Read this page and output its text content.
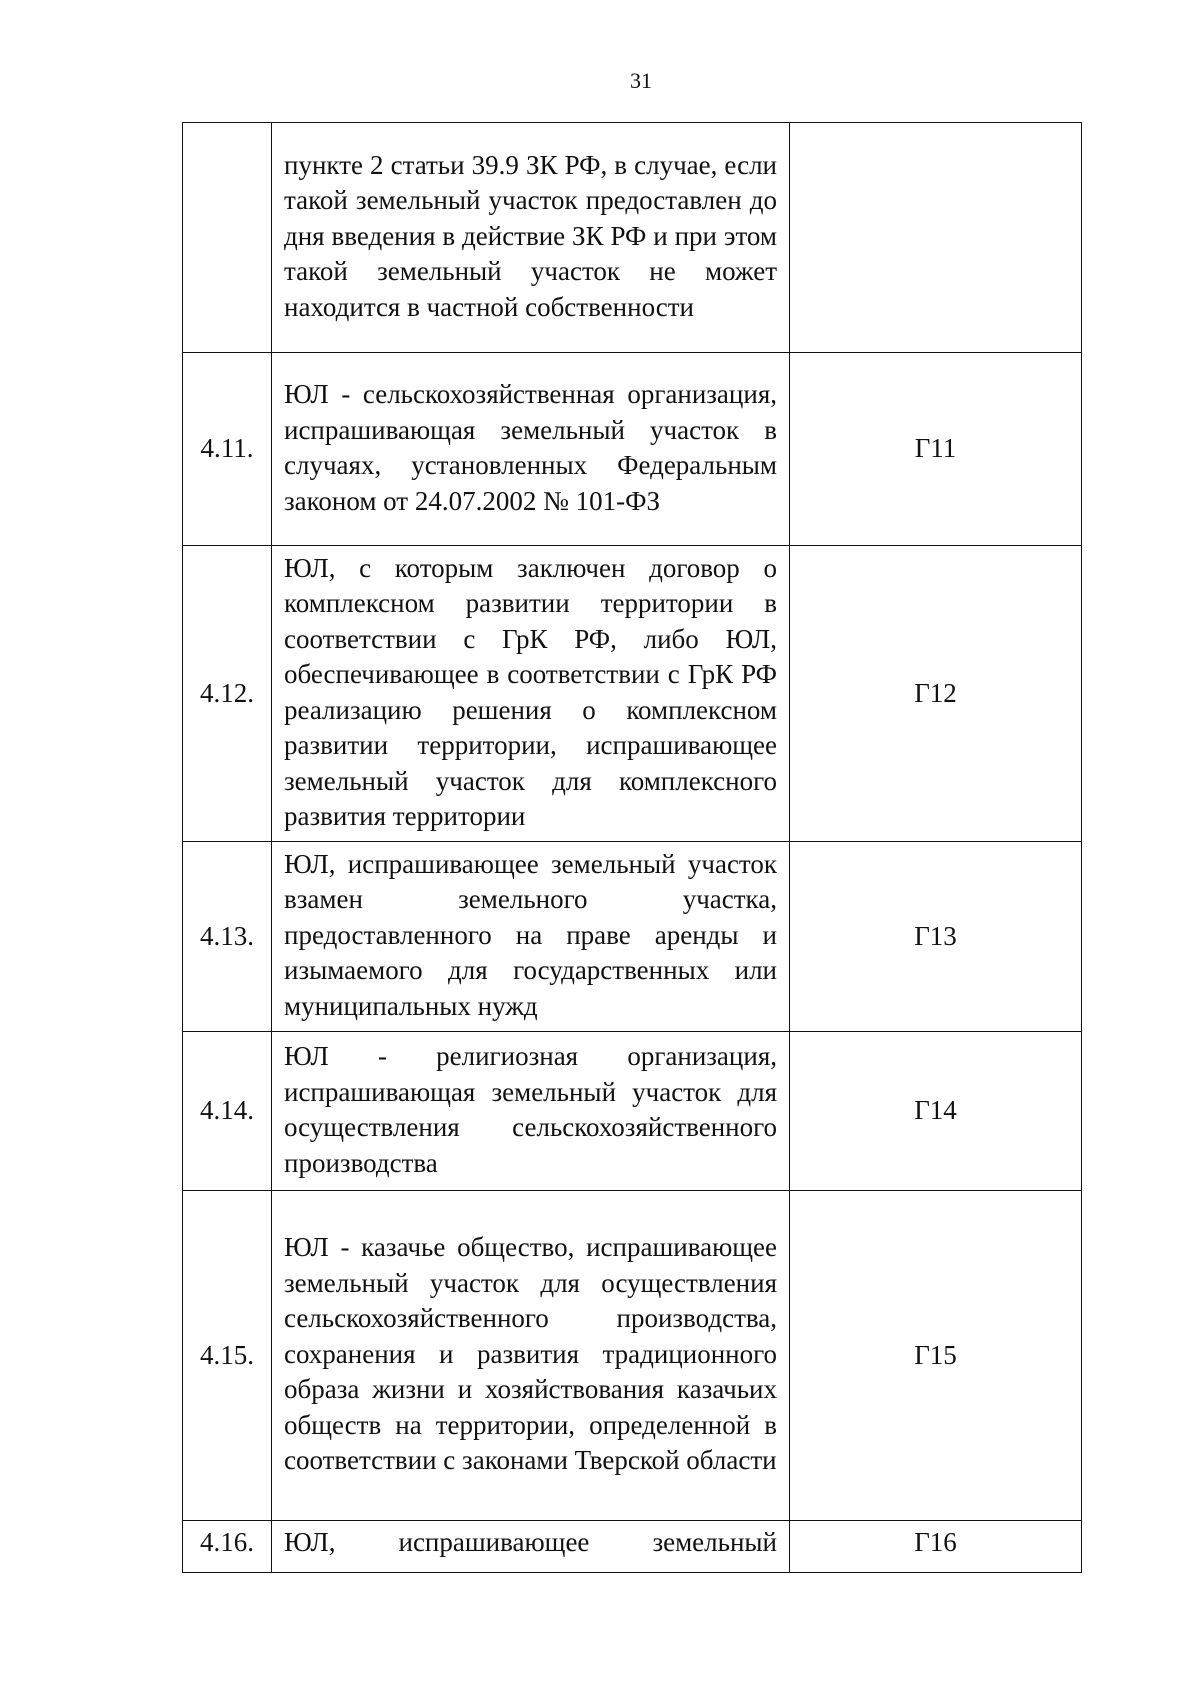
31
	пункте 2 статьи 39.9 ЗК РФ, в случае, если такой земельный участок предоставлен до дня введения в действие ЗК РФ и при этом такой земельный участок не может находится в частной собственности	
4.11.	ЮЛ - сельскохозяйственная организация, испрашивающая земельный участок в случаях, установленных Федеральным законом от 24.07.2002 № 101-ФЗ	Г11
4.12.	ЮЛ, с которым заключен договор о комплексном развитии территории в соответствии с ГрК РФ, либо ЮЛ, обеспечивающее в соответствии с ГрК РФ реализацию решения о комплексном развитии территории, испрашивающее земельный участок для комплексного развития территории	Г12
4.13.	ЮЛ, испрашивающее земельный участок взамен земельного участка, предоставленного на праве аренды и изымаемого для государственных или муниципальных нужд	Г13
4.14.	ЮЛ - религиозная организация, испрашивающая земельный участок для осуществления сельскохозяйственного производства	Г14
4.15.	ЮЛ - казачье общество, испрашивающее земельный участок для осуществления сельскохозяйственного производства, сохранения и развития традиционного образа жизни и хозяйствования казачьих обществ на территории, определенной в соответствии с законами Тверской области	Г15
4.16.	ЮЛ, испрашивающее земельный	Г16
